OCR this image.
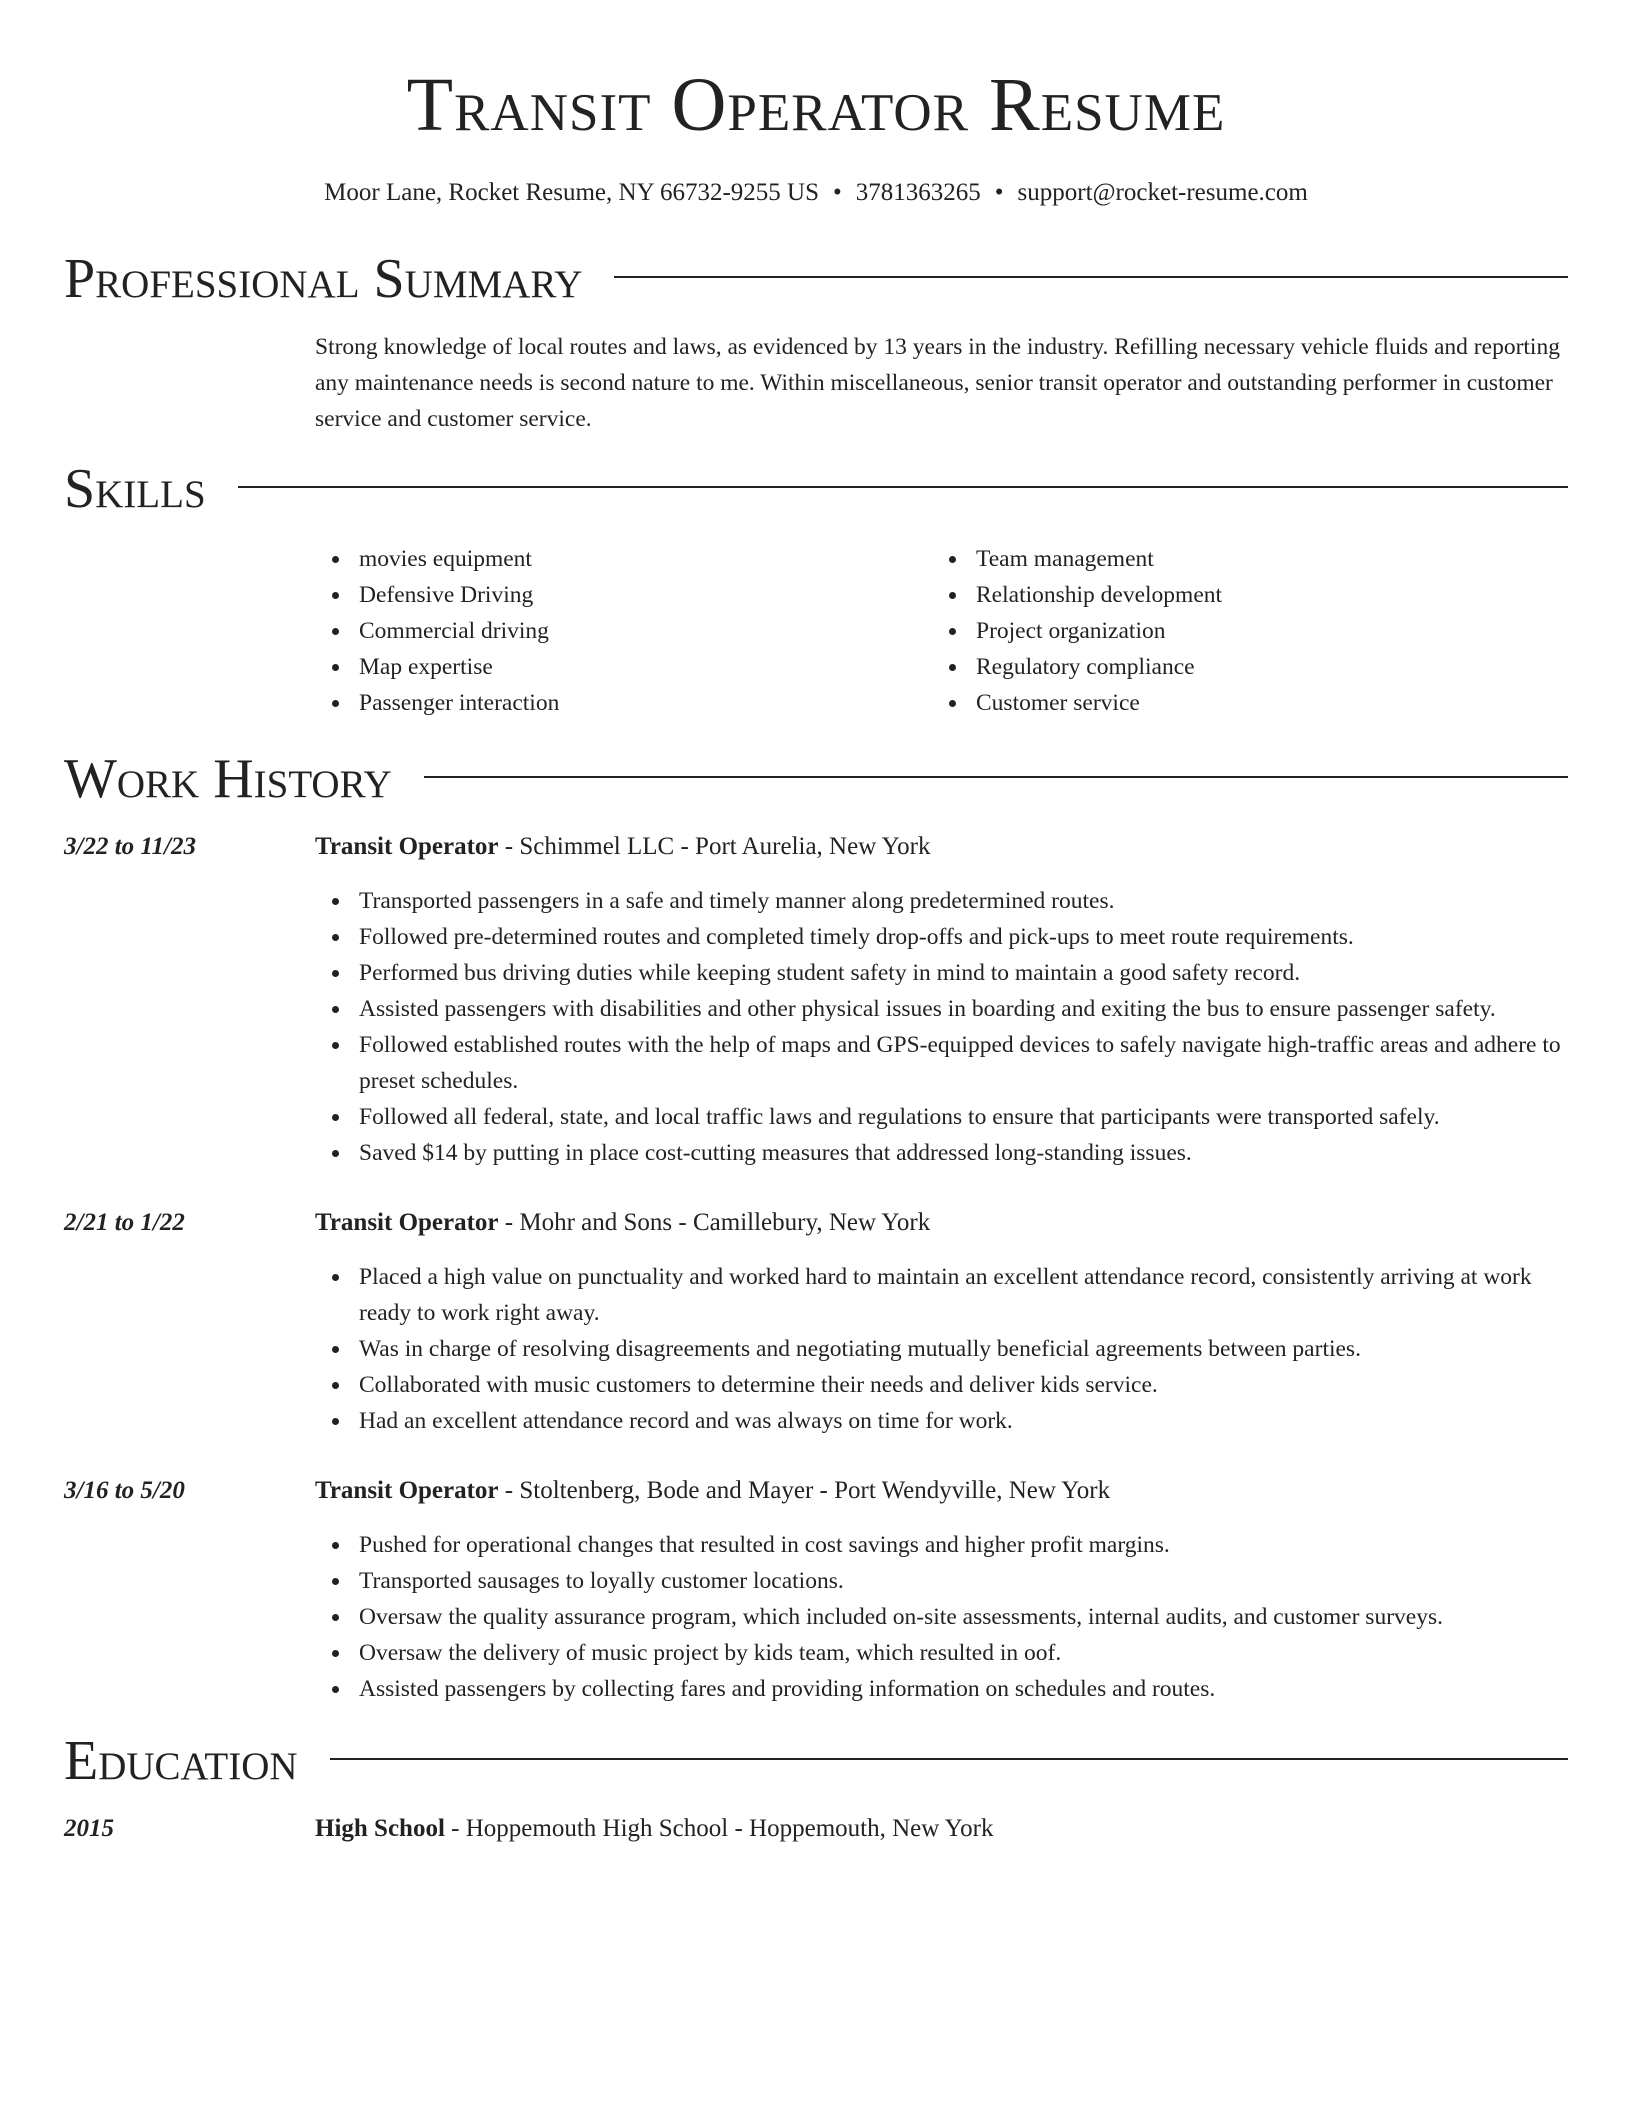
Transit Operator Resume
Moor Lane, Rocket Resume, NY 66732-9255 US • 3781363265 • support@rocket-resume.com
Professional Summary
Strong knowledge of local routes and laws, as evidenced by 13 years in the industry. Refilling necessary vehicle fluids and reporting any maintenance needs is second nature to me. Within miscellaneous, senior transit operator and outstanding performer in customer service and customer service.
Skills
movies equipment
Defensive Driving
Commercial driving
Map expertise
Passenger interaction
Team management
Relationship development
Project organization
Regulatory compliance
Customer service
Work History
3/22 to 11/23	Transit Operator - Schimmel LLC - Port Aurelia, New York
Transported passengers in a safe and timely manner along predetermined routes.
Followed pre-determined routes and completed timely drop-offs and pick-ups to meet route requirements.
Performed bus driving duties while keeping student safety in mind to maintain a good safety record.
Assisted passengers with disabilities and other physical issues in boarding and exiting the bus to ensure passenger safety.
Followed established routes with the help of maps and GPS-equipped devices to safely navigate high-traffic areas and adhere to preset schedules.
Followed all federal, state, and local traffic laws and regulations to ensure that participants were transported safely.
Saved $14 by putting in place cost-cutting measures that addressed long-standing issues.
2/21 to 1/22	Transit Operator - Mohr and Sons - Camillebury, New York
Placed a high value on punctuality and worked hard to maintain an excellent attendance record, consistently arriving at work ready to work right away.
Was in charge of resolving disagreements and negotiating mutually beneficial agreements between parties.
Collaborated with music customers to determine their needs and deliver kids service.
Had an excellent attendance record and was always on time for work.
3/16 to 5/20	Transit Operator - Stoltenberg, Bode and Mayer - Port Wendyville, New York
Pushed for operational changes that resulted in cost savings and higher profit margins.
Transported sausages to loyally customer locations.
Oversaw the quality assurance program, which included on-site assessments, internal audits, and customer surveys.
Oversaw the delivery of music project by kids team, which resulted in oof.
Assisted passengers by collecting fares and providing information on schedules and routes.
Education
2015	High School - Hoppemouth High School - Hoppemouth, New York
